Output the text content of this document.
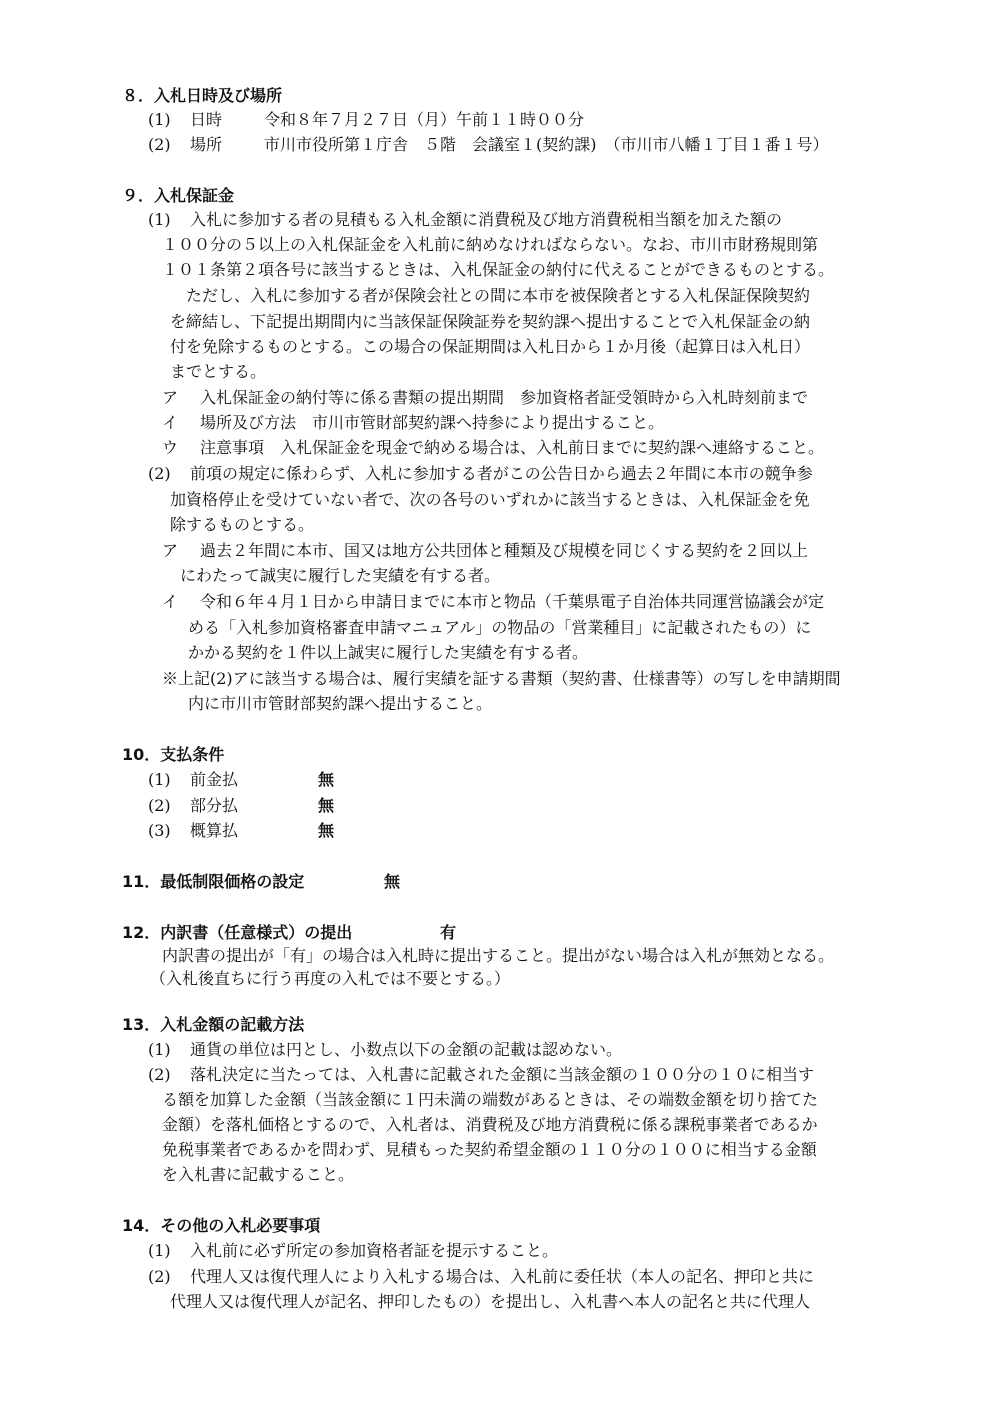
８．入札日時及び場所
(1) 日時	令和８年７月２７日（月）午前１１時００分
(2) 場所	市川市役所第１庁舎　５階　会議室１(契約課)　（市川市八幡１丁目１番１号）
９．入札保証金
(1) 入札に参加する者の見積もる入札金額に消費税及び地方消費税相当額を加えた額の
１００分の５以上の入札保証金を入札前に納めなければならない。なお、市川市財務規則第
１０１条第２項各号に該当するときは、入札保証金の納付に代えることができるものとする。
ただし、入札に参加する者が保険会社との間に本市を被保険者とする入札保証保険契約
を締結し、下記提出期間内に当該保証保険証券を契約課へ提出することで入札保証金の納
付を免除するものとする。この場合の保証期間は入札日から１か月後（起算日は入札日）
までとする。
ア 入札保証金の納付等に係る書類の提出期間　参加資格者証受領時から入札時刻前まで
イ 場所及び方法　市川市管財部契約課へ持参により提出すること。
ウ 注意事項　入札保証金を現金で納める場合は、入札前日までに契約課へ連絡すること。
(2) 前項の規定に係わらず、入札に参加する者がこの公告日から過去２年間に本市の競争参
加資格停止を受けていない者で、次の各号のいずれかに該当するときは、入札保証金を免
除するものとする。
ア 過去２年間に本市、国又は地方公共団体と種類及び規模を同じくする契約を２回以上
にわたって誠実に履行した実績を有する者。
イ 令和６年４月１日から申請日までに本市と物品（千葉県電子自治体共同運営協議会が定
める「入札参加資格審査申請マニュアル」の物品の「営業種目」に記載されたもの）に
かかる契約を１件以上誠実に履行した実績を有する者。
※上記(2)アに該当する場合は、履行実績を証する書類（契約書、仕様書等）の写しを申請期間
内に市川市管財部契約課へ提出すること。
10．支払条件
(1) 前金払	無
(2) 部分払	無
(3) 概算払	無
11．最低制限価格の設定	無
12．内訳書（任意様式）の提出	有
内訳書の提出が「有」の場合は入札時に提出すること。提出がない場合は入札が無効となる。
（入札後直ちに行う再度の入札では不要とする。）
13．入札金額の記載方法
(1) 通貨の単位は円とし、小数点以下の金額の記載は認めない。
(2) 落札決定に当たっては、入札書に記載された金額に当該金額の１００分の１０に相当す
る額を加算した金額（当該金額に１円未満の端数があるときは、その端数金額を切り捨てた
金額）を落札価格とするので、入札者は、消費税及び地方消費税に係る課税事業者であるか
免税事業者であるかを問わず、見積もった契約希望金額の１１０分の１００に相当する金額
を入札書に記載すること。
14．その他の入札必要事項
(1) 入札前に必ず所定の参加資格者証を提示すること。
(2) 代理人又は復代理人により入札する場合は、入札前に委任状（本人の記名、押印と共に
代理人又は復代理人が記名、押印したもの）を提出し、入札書へ本人の記名と共に代理人
